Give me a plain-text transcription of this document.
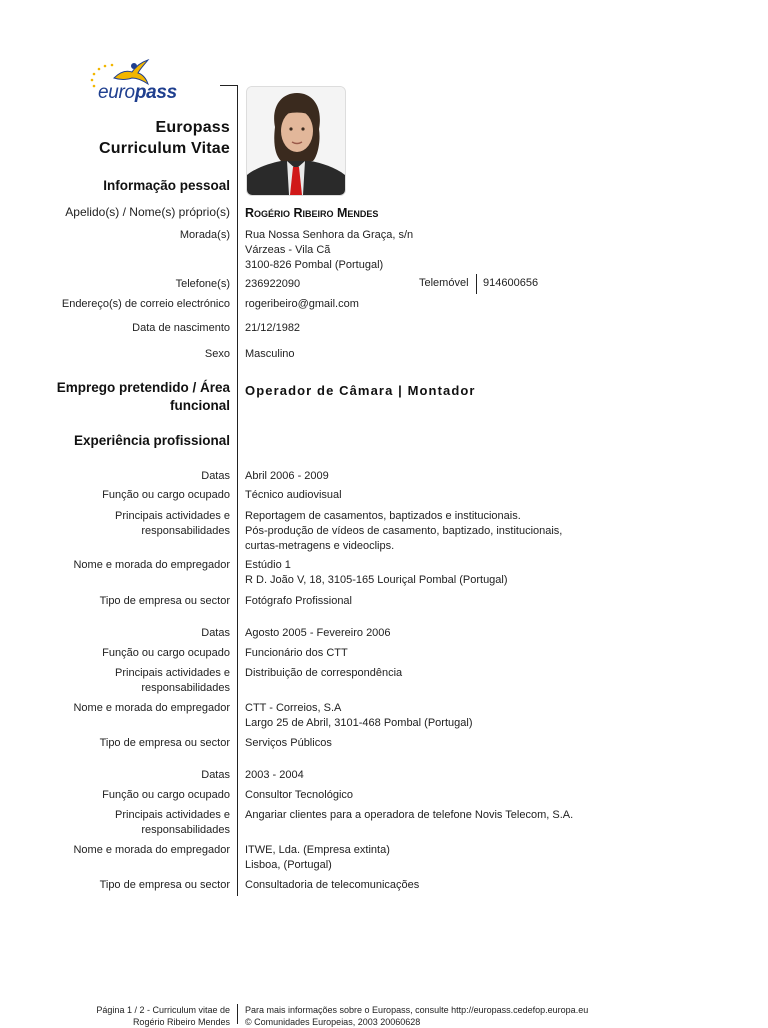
europass
Europass
Curriculum Vitae
Informação pessoal
Apelido(s) / Nome(s) próprio(s) Rogério Ribeiro Mendes
Morada(s) Rua Nossa Senhora da Graça, s/n
Várzeas - Vila Cã
3100-826 Pombal (Portugal)
Telefone(s) 236922090	Telemóvel 914600656
Endereço(s) de correio electrónico rogeribeiro@gmail.com
Data de nascimento 21/12/1982
Sexo Masculino
Emprego pretendido / Área
funcional
Operador de Câmara | Montador
Experiência profissional
Datas Abril 2006 - 2009
Função ou cargo ocupado Técnico audiovisual
Principais actividades e
responsabilidades
Reportagem de casamentos, baptizados e institucionais.
Pós-produção de vídeos de casamento, baptizado, institucionais,
curtas-metragens e videoclips.
Nome e morada do empregador Estúdio 1
R D. João V, 18, 3105-165 Louriçal Pombal (Portugal)
Tipo de empresa ou sector Fotógrafo Profissional
Datas Agosto 2005 - Fevereiro 2006
Função ou cargo ocupado Funcionário dos CTT
Principais actividades e
responsabilidades
Distribuição de correspondência
Nome e morada do empregador CTT - Correios, S.A
Largo 25 de Abril, 3101-468 Pombal (Portugal)
Tipo de empresa ou sector Serviços Públicos
Datas 2003 - 2004
Função ou cargo ocupado Consultor Tecnológico
Principais actividades e
responsabilidades
Angariar clientes para a operadora de telefone Novis Telecom, S.A.
Nome e morada do empregador ITWE, Lda. (Empresa extinta)
Lisboa, (Portugal)
Tipo de empresa ou sector Consultadoria de telecomunicações
Página 1 / 2 - Curriculum vitae de
Rogério Ribeiro Mendes
Para mais informações sobre o Europass, consulte http://europass.cedefop.europa.eu
© Comunidades Europeias, 2003 20060628
